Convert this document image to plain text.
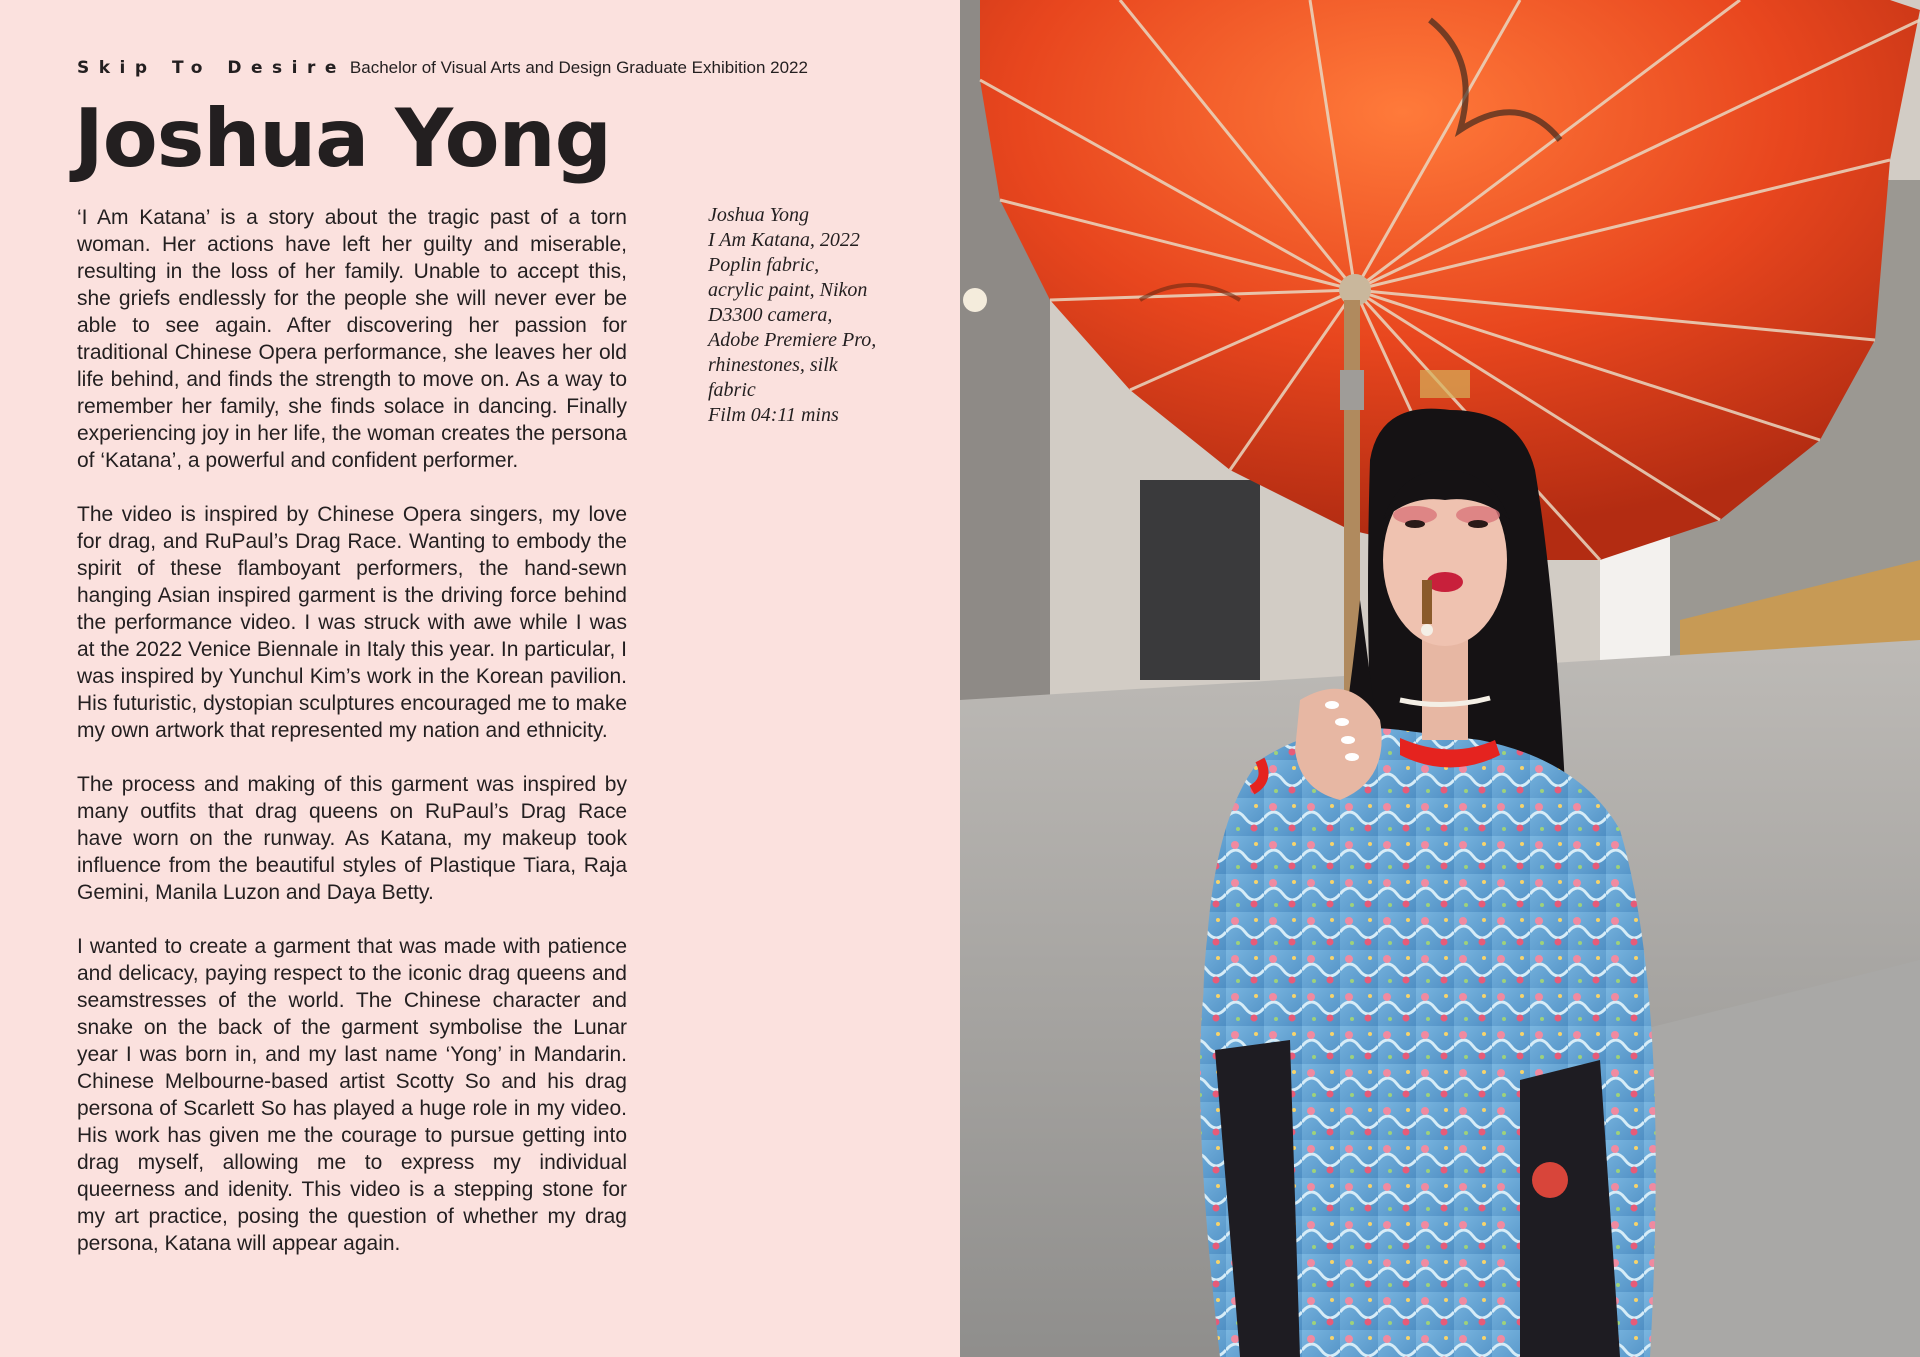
Skip To Desire Bachelor of Visual Arts and Design Graduate Exhibition 2022
Joshua Yong

‘I Am Katana’ is a story about the tragic past of a torn woman. Her actions have left her guilty and miserable, resulting in the loss of her family. Unable to accept this, she griefs endlessly for the people she will never ever be able to see again. After discovering her passion for traditional Chinese Opera performance, she leaves her old life behind, and finds the strength to move on. As a way to remember her family, she finds solace in dancing. Finally experiencing joy in her life, the woman creates the persona of ‘Katana’, a powerful and confident performer.

The video is inspired by Chinese Opera singers, my love for drag, and RuPaul’s Drag Race. Wanting to embody the spirit of these flamboyant performers, the hand-sewn hanging Asian inspired garment is the driving force behind the performance video. I was struck with awe while I was at the 2022 Venice Biennale in Italy this year. In particular, I was inspired by Yunchul Kim’s work in the Korean pavilion. His futuristic, dystopian sculptures encouraged me to make my own artwork that represented my nation and ethnicity.

The process and making of this garment was inspired by many outfits that drag queens on RuPaul’s Drag Race have worn on the runway. As Katana, my makeup took influence from the beautiful styles of Plastique Tiara, Raja Gemini, Manila Luzon and Daya Betty.

I wanted to create a garment that was made with patience and delicacy, paying respect to the iconic drag queens and seamstresses of the world. The Chinese character and snake on the back of the garment symbolise the Lunar year I was born in, and my last name ‘Yong’ in Mandarin. Chinese Melbourne-based artist Scotty So and his drag persona of Scarlett So has played a huge role in my video. His work has given me the courage to pursue getting into drag myself, allowing me to express my individual queerness and idenity. This video is a stepping stone for my art practice, posing the question of whether my drag persona, Katana will appear again.

Joshua Yong
I Am Katana, 2022
Poplin fabric,
acrylic paint, Nikon
D3300 camera,
Adobe Premiere Pro,
rhinestones, silk
fabric
Film 04:11 mins
